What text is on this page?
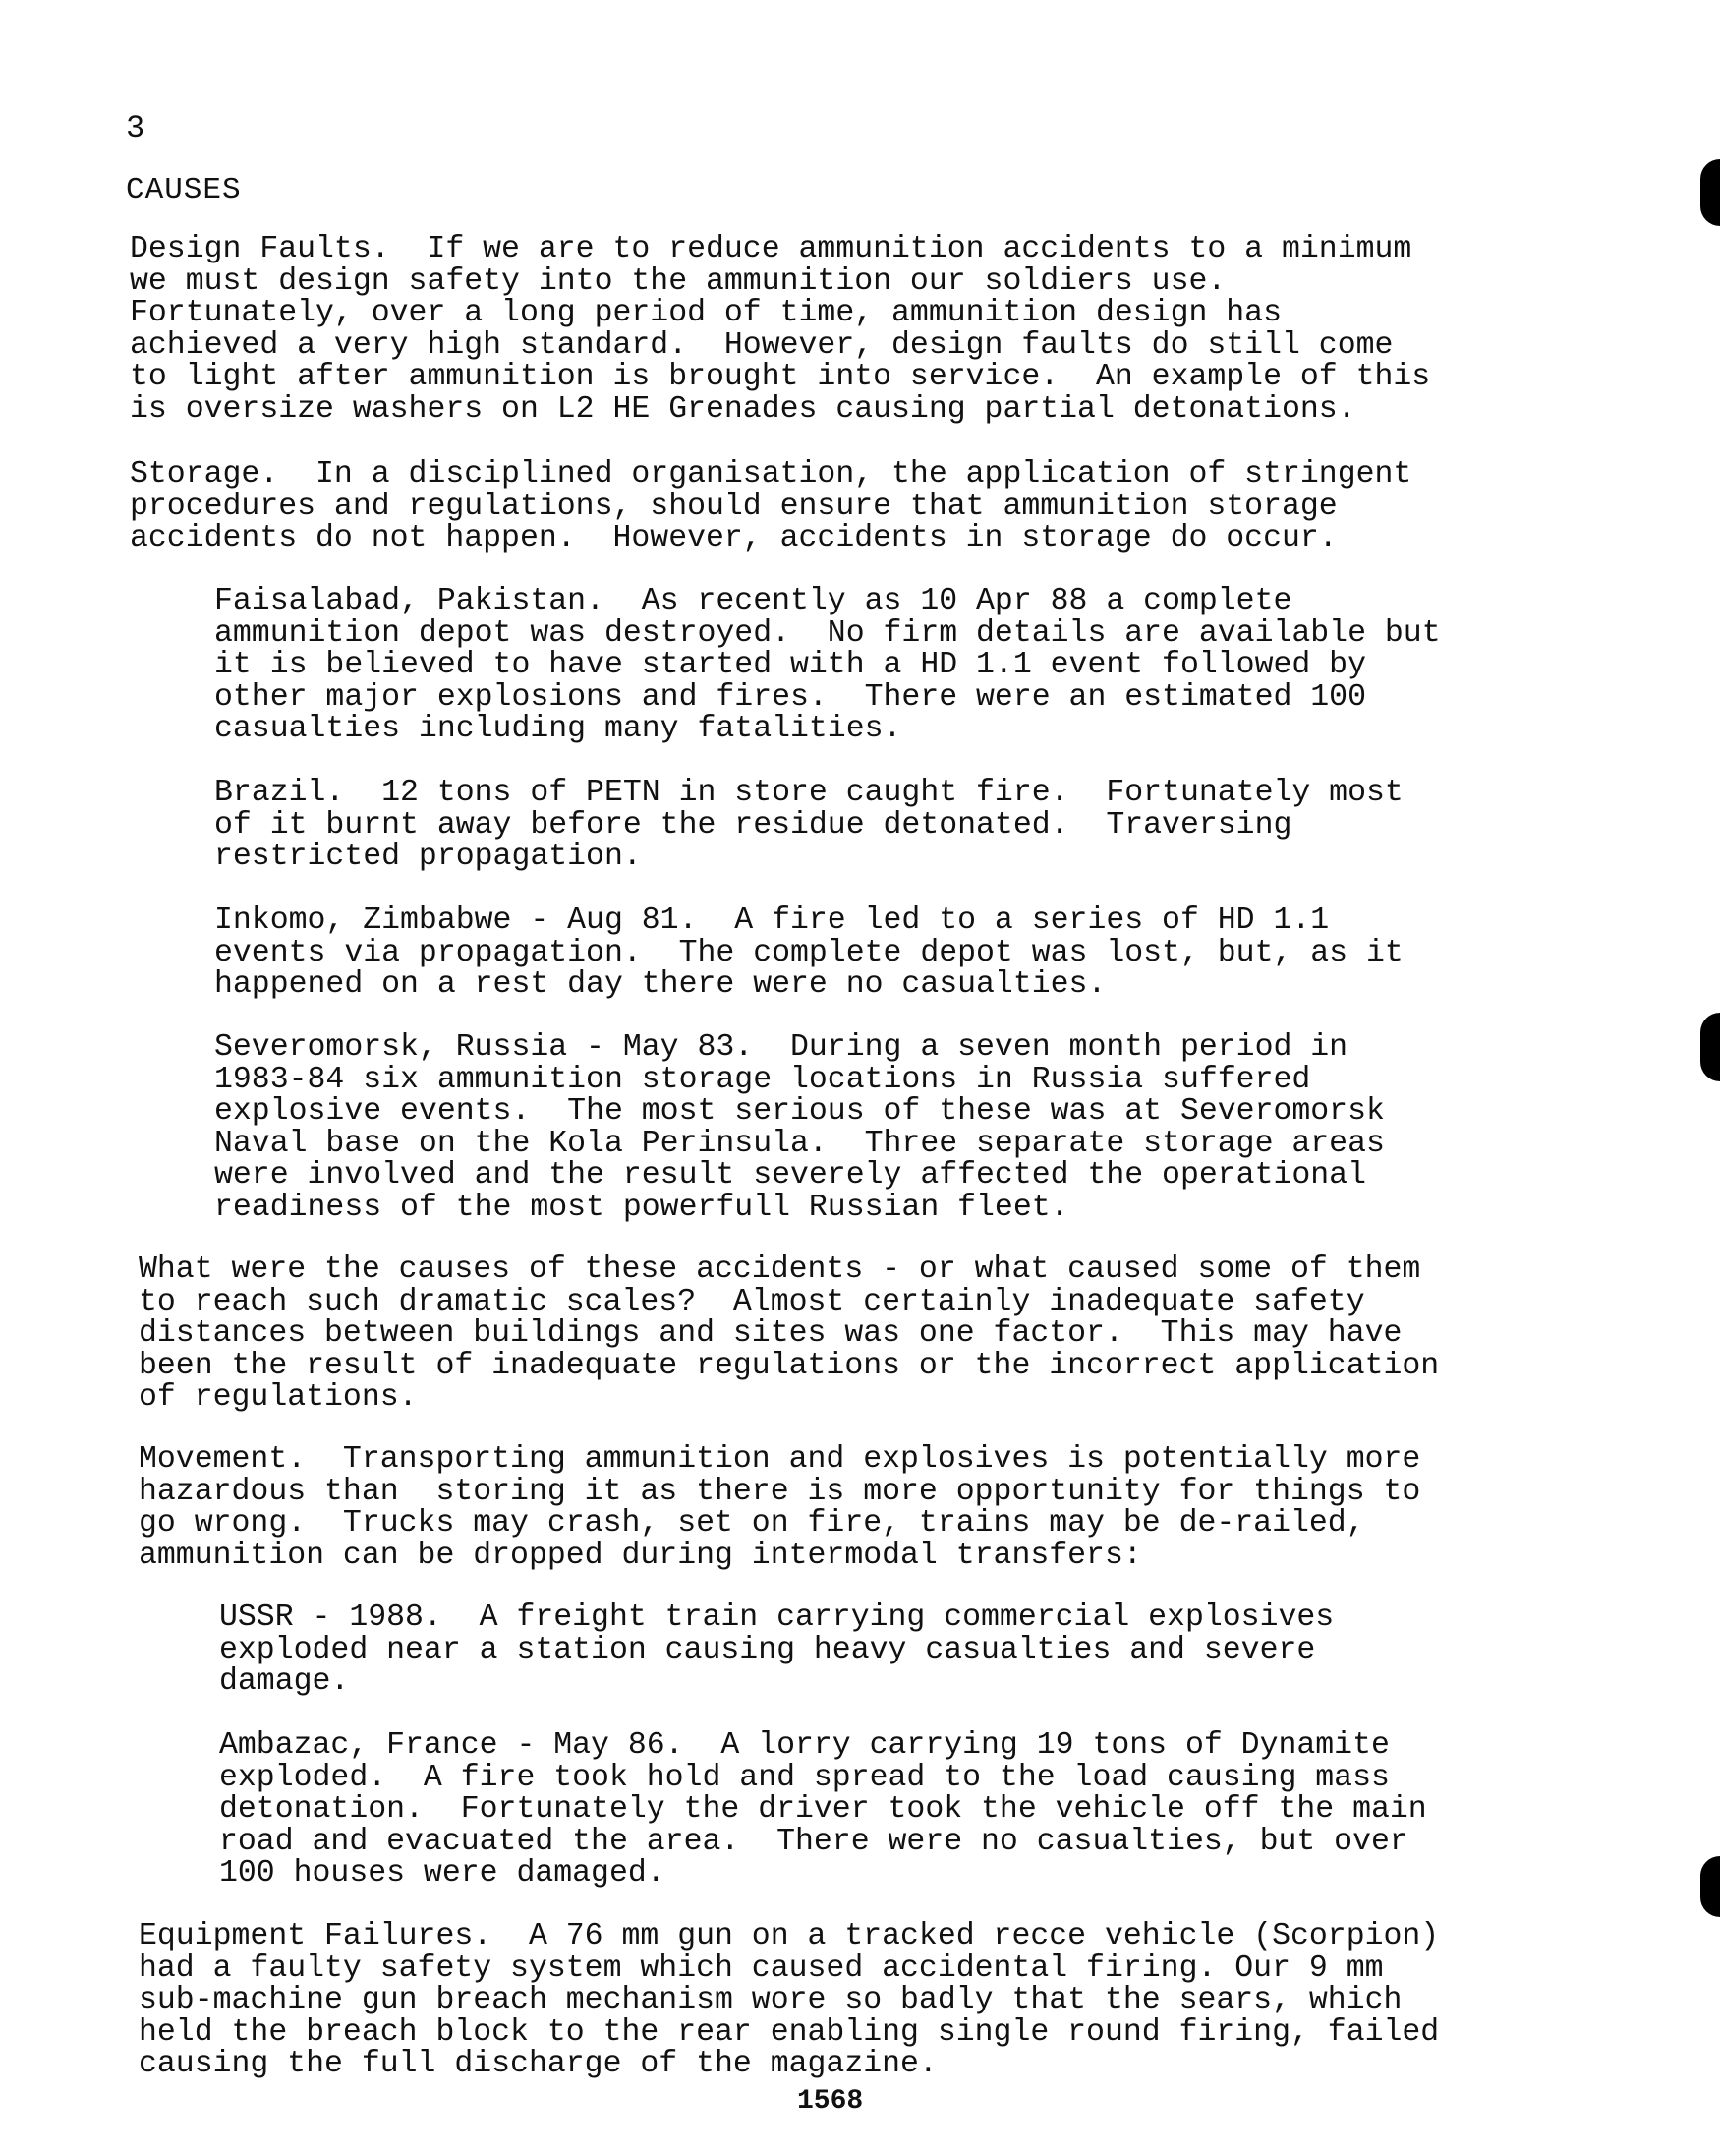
3
CAUSES

Design Faults.  If we are to reduce ammunition accidents to a minimum
we must design safety into the ammunition our soldiers use.
Fortunately, over a long period of time, ammunition design has
achieved a very high standard.  However, design faults do still come
to light after ammunition is brought into service.  An example of this
is oversize washers on L2 HE Grenades causing partial detonations.

Storage.  In a disciplined organisation, the application of stringent
procedures and regulations, should ensure that ammunition storage
accidents do not happen.  However, accidents in storage do occur.

Faisalabad, Pakistan.  As recently as 10 Apr 88 a complete
ammunition depot was destroyed.  No firm details are available but
it is believed to have started with a HD 1.1 event followed by
other major explosions and fires.  There were an estimated 100
casualties including many fatalities.

Brazil.  12 tons of PETN in store caught fire.  Fortunately most
of it burnt away before the residue detonated.  Traversing
restricted propagation.

Inkomo, Zimbabwe - Aug 81.  A fire led to a series of HD 1.1
events via propagation.  The complete depot was lost, but, as it
happened on a rest day there were no casualties.

Severomorsk, Russia - May 83.  During a seven month period in
1983-84 six ammunition storage locations in Russia suffered
explosive events.  The most serious of these was at Severomorsk
Naval base on the Kola Perinsula.  Three separate storage areas
were involved and the result severely affected the operational
readiness of the most powerfull Russian fleet.

What were the causes of these accidents - or what caused some of them
to reach such dramatic scales?  Almost certainly inadequate safety
distances between buildings and sites was one factor.  This may have
been the result of inadequate regulations or the incorrect application
of regulations.

Movement.  Transporting ammunition and explosives is potentially more
hazardous than  storing it as there is more opportunity for things to
go wrong.  Trucks may crash, set on fire, trains may be de-railed,
ammunition can be dropped during intermodal transfers:

USSR - 1988.  A freight train carrying commercial explosives
exploded near a station causing heavy casualties and severe
damage.

Ambazac, France - May 86.  A lorry carrying 19 tons of Dynamite
exploded.  A fire took hold and spread to the load causing mass
detonation.  Fortunately the driver took the vehicle off the main
road and evacuated the area.  There were no casualties, but over
100 houses were damaged.

Equipment Failures.  A 76 mm gun on a tracked recce vehicle (Scorpion)
had a faulty safety system which caused accidental firing. Our 9 mm
sub-machine gun breach mechanism wore so badly that the sears, which
held the breach block to the rear enabling single round firing, failed
causing the full discharge of the magazine.

1568
